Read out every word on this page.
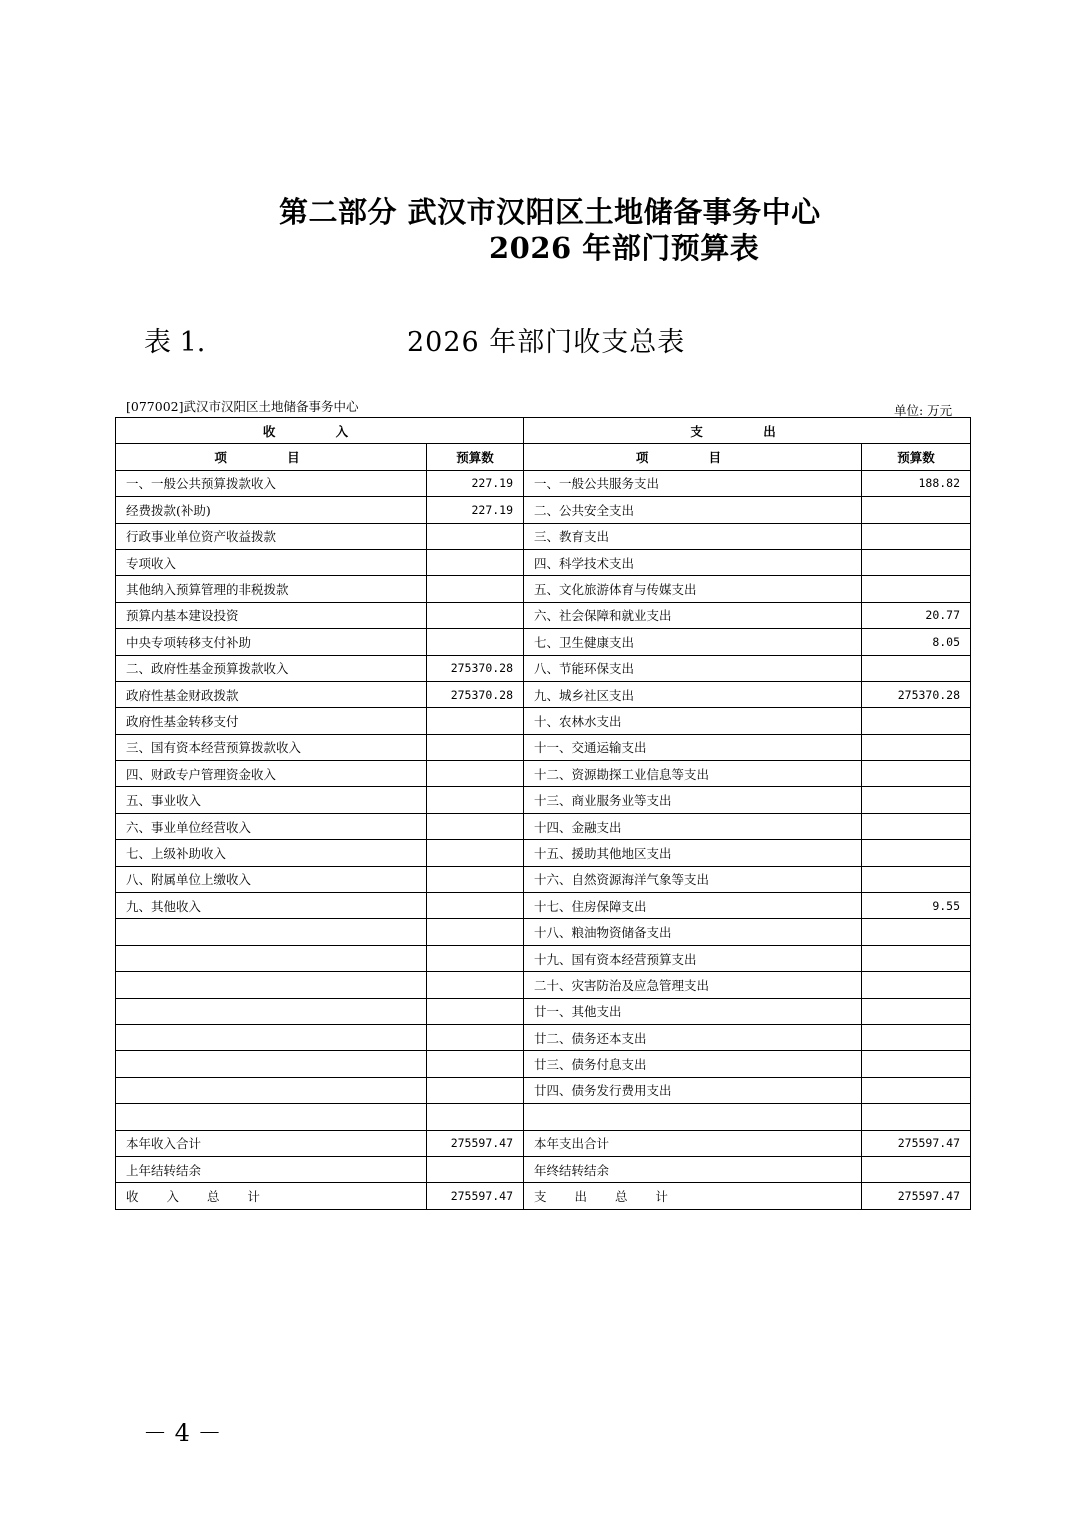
第二部分 武汉市汉阳区土地储备事务中心
2026 年部门预算表
表 1.	2026 年部门收支总表
[077002]武汉市汉阳区土地储备事务中心	单位: 万元
收 入		支 出	
项 目	预算数	项 目	预算数
一、一般公共预算拨款收入	227.19	一、一般公共服务支出	188.82
经费拨款(补助)	227.19	二、公共安全支出	
行政事业单位资产收益拨款		三、教育支出	
专项收入		四、科学技术支出	
其他纳入预算管理的非税拨款		五、文化旅游体育与传媒支出	
预算内基本建设投资		六、社会保障和就业支出	20.77
中央专项转移支付补助		七、卫生健康支出	8.05
二、政府性基金预算拨款收入	275370.28	八、节能环保支出	
政府性基金财政拨款	275370.28	九、城乡社区支出	275370.28
政府性基金转移支付		十、农林水支出	
三、国有资本经营预算拨款收入		十一、交通运输支出	
四、财政专户管理资金收入		十二、资源勘探工业信息等支出	
五、事业收入		十三、商业服务业等支出	
六、事业单位经营收入		十四、金融支出	
七、上级补助收入		十五、援助其他地区支出	
八、附属单位上缴收入		十六、自然资源海洋气象等支出	
九、其他收入		十七、住房保障支出	9.55
		十八、粮油物资储备支出	
		十九、国有资本经营预算支出	
		二十、灾害防治及应急管理支出	
		廿一、其他支出	
		廿二、债务还本支出	
		廿三、债务付息支出	
		廿四、债务发行费用支出	

本年收入合计	275597.47	本年支出合计	275597.47
上年结转结余		年终结转结余	
收 入 总 计	275597.47	支 出 总 计	275597.47
－ 4 －
